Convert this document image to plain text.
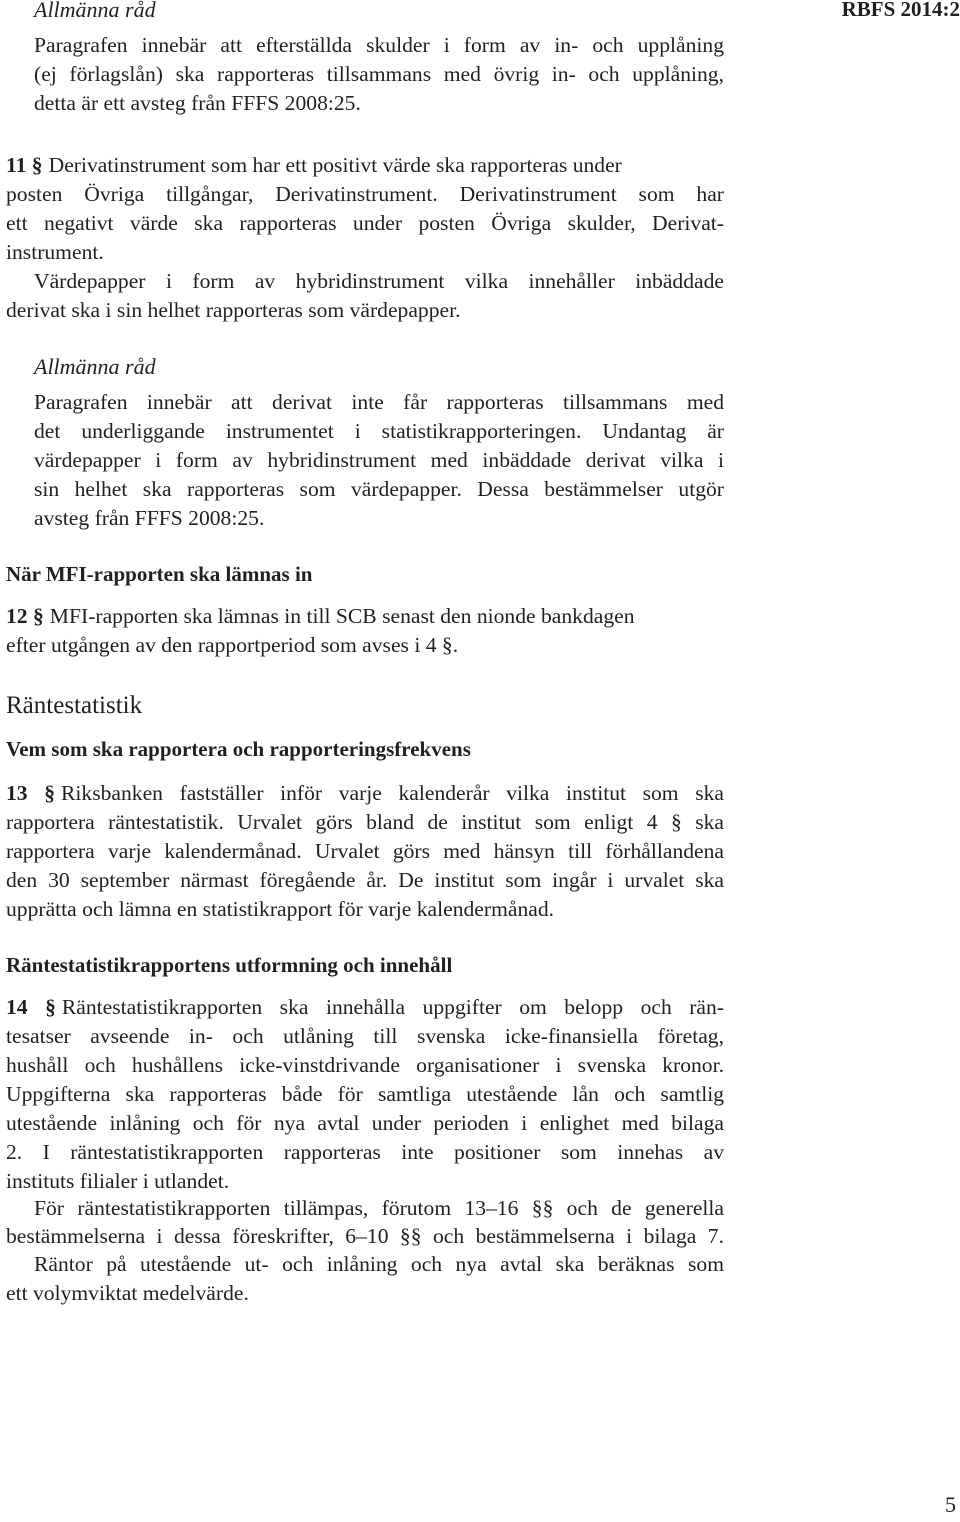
Allmänna råd	RBFS 2014:2
Paragrafen innebär att efterställda skulder i form av in- och upplåning
(ej förlagslån) ska rapporteras tillsammans med övrig in- och upplåning,
detta är ett avsteg från FFFS 2008:25.
11 § Derivatinstrument som har ett positivt värde ska rapporteras under
posten Övriga tillgångar, Derivatinstrument. Derivatinstrument som har
ett negativt värde ska rapporteras under posten Övriga skulder, Derivat-
instrument.
Värdepapper i form av hybridinstrument vilka innehåller inbäddade
derivat ska i sin helhet rapporteras som värdepapper.
Allmänna råd
Paragrafen innebär att derivat inte får rapporteras tillsammans med
det underliggande instrumentet i statistikrapporteringen. Undantag är
värdepapper i form av hybridinstrument med inbäddade derivat vilka i
sin helhet ska rapporteras som värdepapper. Dessa bestämmelser utgör
avsteg från FFFS 2008:25.
När MFI-rapporten ska lämnas in
12 § MFI-rapporten ska lämnas in till SCB senast den nionde bankdagen
efter utgången av den rapportperiod som avses i 4 §.
Räntestatistik
Vem som ska rapportera och rapporteringsfrekvens
13 § Riksbanken fastställer inför varje kalenderår vilka institut som ska
rapportera räntestatistik. Urvalet görs bland de institut som enligt 4 § ska
rapportera varje kalendermånad. Urvalet görs med hänsyn till förhållandena
den 30 september närmast föregående år. De institut som ingår i urvalet ska
upprätta och lämna en statistikrapport för varje kalendermånad.
Räntestatistikrapportens utformning och innehåll
14 § Räntestatistikrapporten ska innehålla uppgifter om belopp och rän-
tesatser avseende in- och utlåning till svenska icke-finansiella företag,
hushåll och hushållens icke-vinstdrivande organisationer i svenska kronor.
Uppgifterna ska rapporteras både för samtliga utestående lån och samtlig
utestående inlåning och för nya avtal under perioden i enlighet med bilaga
2. I räntestatistikrapporten rapporteras inte positioner som innehas av
instituts filialer i utlandet.
För räntestatistikrapporten tillämpas, förutom 13–16 §§ och de generella
bestämmelserna i dessa föreskrifter, 6–10 §§ och bestämmelserna i bilaga 7.
Räntor på utestående ut- och inlåning och nya avtal ska beräknas som
ett volymviktat medelvärde.
5
